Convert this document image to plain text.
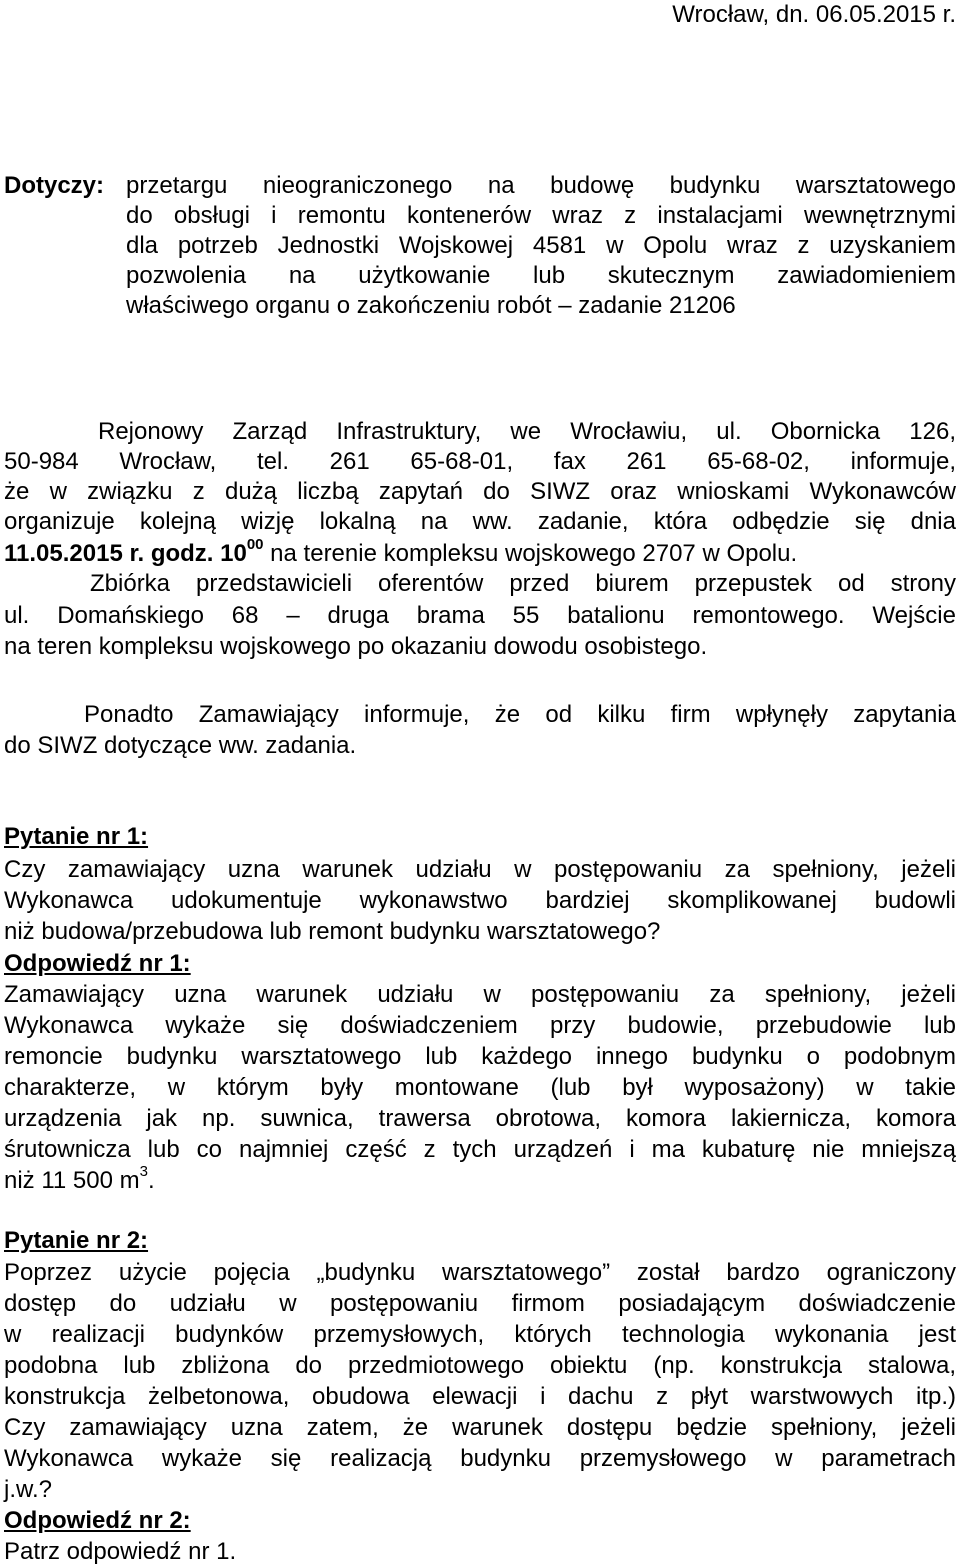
Wrocław, dn. 06.05.2015 r.
Dotyczy: przetargu nieograniczonego na budowę budynku warsztatowego
do obsługi i remontu kontenerów wraz z instalacjami wewnętrznymi
dla potrzeb Jednostki Wojskowej 4581 w Opolu wraz z uzyskaniem
pozwolenia na użytkowanie lub skutecznym zawiadomieniem
właściwego organu o zakończeniu robót – zadanie 21206
Rejonowy Zarząd Infrastruktury, we Wrocławiu, ul. Obornicka 126,
50-984 Wrocław, tel. 261 65-68-01, fax 261 65-68-02, informuje,
że w związku z dużą liczbą zapytań do SIWZ oraz wnioskami Wykonawców
organizuje kolejną wizję lokalną na ww. zadanie, która odbędzie się dnia
11.05.2015 r. godz. $10^{00}$ na terenie kompleksu wojskowego 2707 w Opolu.
Zbiórka przedstawicieli oferentów przed biurem przepustek od strony
ul. Domańskiego 68 – druga brama 55 batalionu remontowego. Wejście
na teren kompleksu wojskowego po okazaniu dowodu osobistego.
Ponadto Zamawiający informuje, że od kilku firm wpłynęły zapytania
do SIWZ dotyczące ww. zadania.
Pytanie nr 1:
Czy zamawiający uzna warunek udziału w postępowaniu za spełniony, jeżeli
Wykonawca udokumentuje wykonawstwo bardziej skomplikowanej budowli
niż budowa/przebudowa lub remont budynku warsztatowego?
Odpowiedź nr 1:
Zamawiający uzna warunek udziału w postępowaniu za spełniony, jeżeli
Wykonawca wykaże się doświadczeniem przy budowie, przebudowie lub
remoncie budynku warsztatowego lub każdego innego budynku o podobnym
charakterze, w którym były montowane (lub był wyposażony) w takie
urządzenia jak np. suwnica, trawersa obrotowa, komora lakiernicza, komora
śrutownicza lub co najmniej część z tych urządzeń i ma kubaturę nie mniejszą
niż 11 500 $m^3$.
Pytanie nr 2:
Poprzez użycie pojęcia „budynku warsztatowego” został bardzo ograniczony
dostęp do udziału w postępowaniu firmom posiadającym doświadczenie
w realizacji budynków przemysłowych, których technologia wykonania jest
podobna lub zbliżona do przedmiotowego obiektu (np. konstrukcja stalowa,
konstrukcja żelbetonowa, obudowa elewacji i dachu z płyt warstwowych itp.)
Czy zamawiający uzna zatem, że warunek dostępu będzie spełniony, jeżeli
Wykonawca wykaże się realizacją budynku przemysłowego w parametrach
j.w.?
Odpowiedź nr 2:
Patrz odpowiedź nr 1.
